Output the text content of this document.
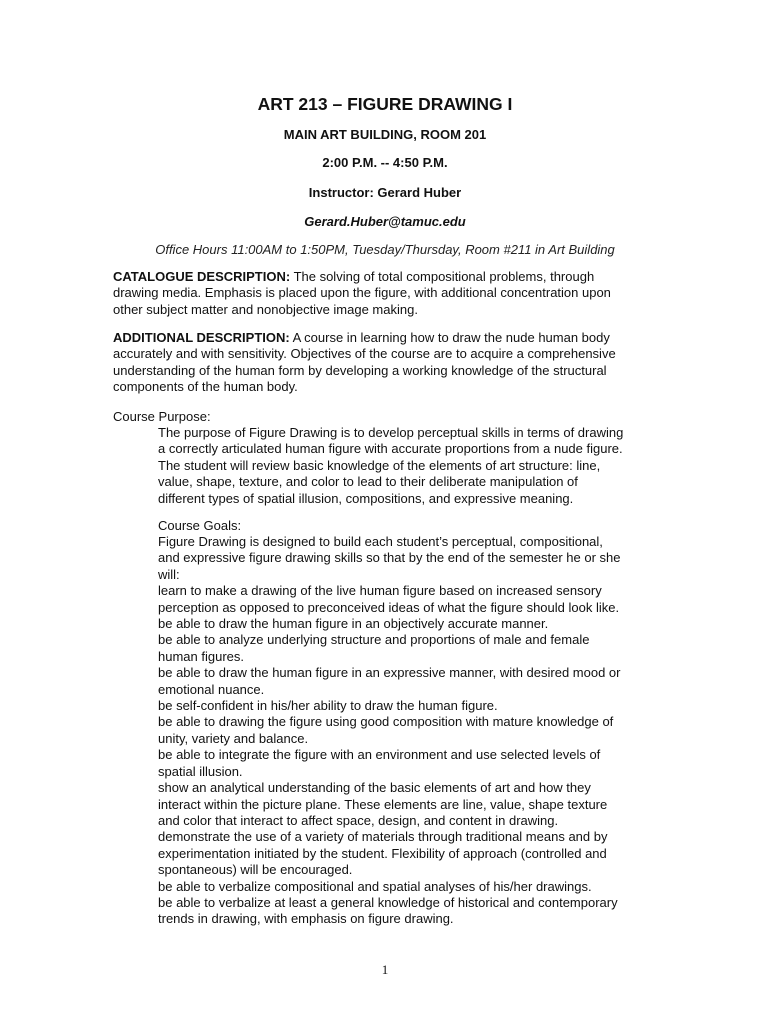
ART 213 – FIGURE DRAWING I
MAIN ART BUILDING, ROOM 201
2:00 P.M. -- 4:50 P.M.
Instructor: Gerard Huber
Gerard.Huber@tamuc.edu
Office Hours 11:00AM to 1:50PM, Tuesday/Thursday, Room #211 in Art Building
CATALOGUE DESCRIPTION: The solving of total compositional problems, through
drawing media. Emphasis is placed upon the figure, with additional concentration upon
other subject matter and nonobjective image making.
ADDITIONAL DESCRIPTION: A course in learning how to draw the nude human body
accurately and with sensitivity. Objectives of the course are to acquire a comprehensive
understanding of the human form by developing a working knowledge of the structural
components of the human body.
Course Purpose:
The purpose of Figure Drawing is to develop perceptual skills in terms of drawing
a correctly articulated human figure with accurate proportions from a nude figure.
The student will review basic knowledge of the elements of art structure: line,
value, shape, texture, and color to lead to their deliberate manipulation of
different types of spatial illusion, compositions, and expressive meaning.
Course Goals:
Figure Drawing is designed to build each student’s perceptual, compositional,
and expressive figure drawing skills so that by the end of the semester he or she
will:
learn to make a drawing of the live human figure based on increased sensory
perception as opposed to preconceived ideas of what the figure should look like.
be able to draw the human figure in an objectively accurate manner.
be able to analyze underlying structure and proportions of male and female
human figures.
be able to draw the human figure in an expressive manner, with desired mood or
emotional nuance.
be self-confident in his/her ability to draw the human figure.
be able to drawing the figure using good composition with mature knowledge of
unity, variety and balance.
be able to integrate the figure with an environment and use selected levels of
spatial illusion.
show an analytical understanding of the basic elements of art and how they
interact within the picture plane. These elements are line, value, shape texture
and color that interact to affect space, design, and content in drawing.
demonstrate the use of a variety of materials through traditional means and by
experimentation initiated by the student. Flexibility of approach (controlled and
spontaneous) will be encouraged.
be able to verbalize compositional and spatial analyses of his/her drawings.
be able to verbalize at least a general knowledge of historical and contemporary
trends in drawing, with emphasis on figure drawing.
1
